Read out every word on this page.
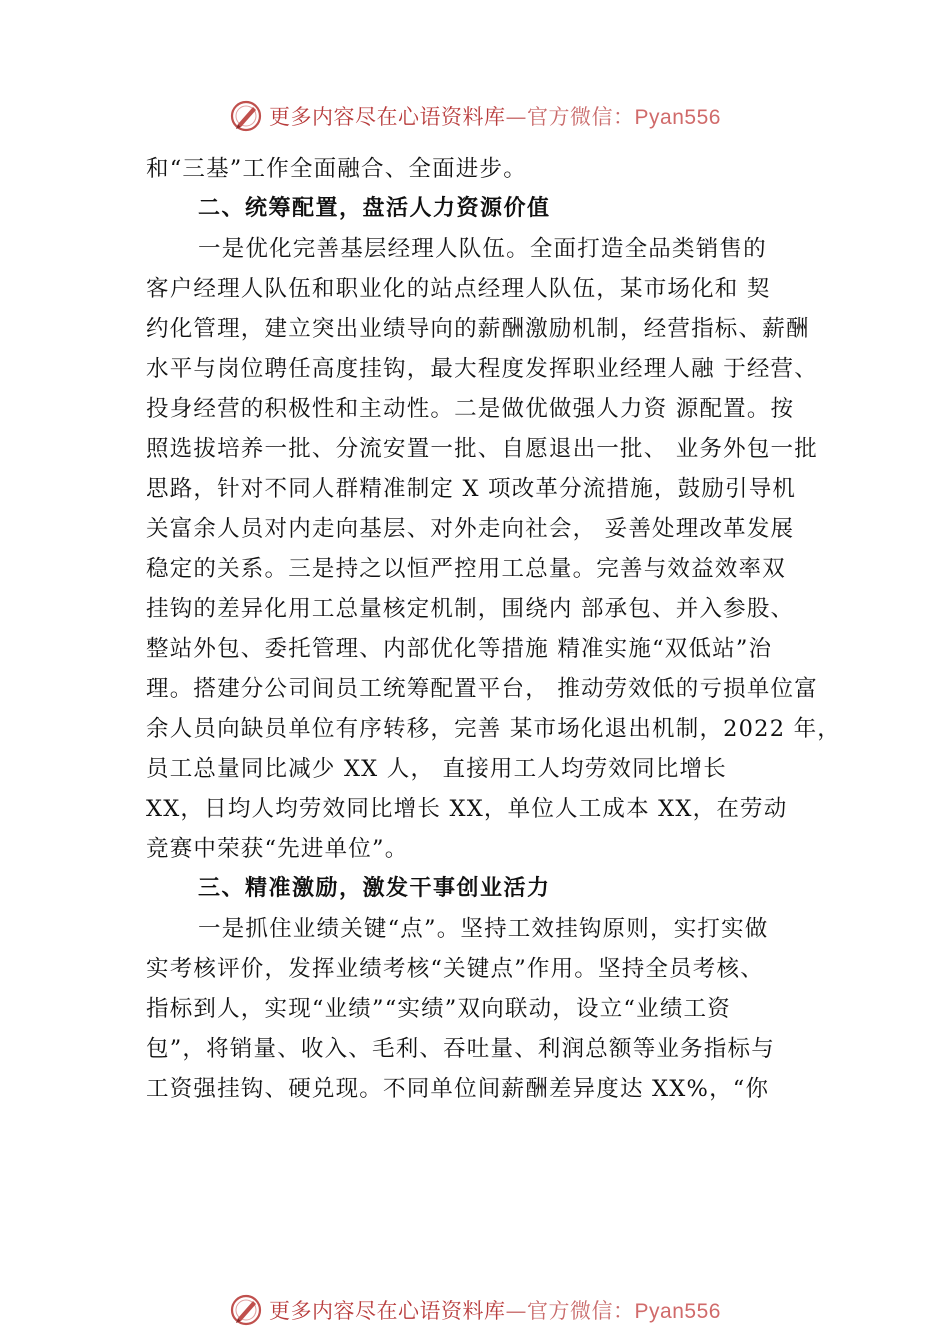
更多内容尽在心语资料库—官方微信：Pyan556
和“三基”工作全面融合、全面进步。
二、统筹配置，盘活人力资源价值
一是优化完善基层经理人队伍。全面打造全品类销售的
客户经理人队伍和职业化的站点经理人队伍，某市场化和 契
约化管理，建立突出业绩导向的薪酬激励机制，经营指标、薪酬
水平与岗位聘任高度挂钩，最大程度发挥职业经理人融 于经营、
投身经营的积极性和主动性。二是做优做强人力资 源配置。按
照选拔培养一批、分流安置一批、自愿退出一批、 业务外包一批
思路，针对不同人群精准制定 X 项改革分流措施，鼓励引导机
关富余人员对内走向基层、对外走向社会， 妥善处理改革发展
稳定的关系。三是持之以恒严控用工总量。完善与效益效率双
挂钩的差异化用工总量核定机制，围绕内 部承包、并入参股、
整站外包、委托管理、内部优化等措施 精准实施“双低站”治
理。搭建分公司间员工统筹配置平台， 推动劳效低的亏损单位富
余人员向缺员单位有序转移，完善 某市场化退出机制，2022 年，
员工总量同比减少 XX 人， 直接用工人均劳效同比增长
XX，日均人均劳效同比增长 XX，单位人工成本 XX，在劳动
竞赛中荣获“先进单位”。
三、精准激励，激发干事创业活力
一是抓住业绩关键“点”。坚持工效挂钩原则，实打实做
实考核评价，发挥业绩考核“关键点”作用。坚持全员考核、
指标到人，实现“业绩”“实绩”双向联动，设立“业绩工资
包”，将销量、收入、毛利、吞吐量、利润总额等业务指标与
工资强挂钩、硬兑现。不同单位间薪酬差异度达 XX%，“你
更多内容尽在心语资料库—官方微信：Pyan556
